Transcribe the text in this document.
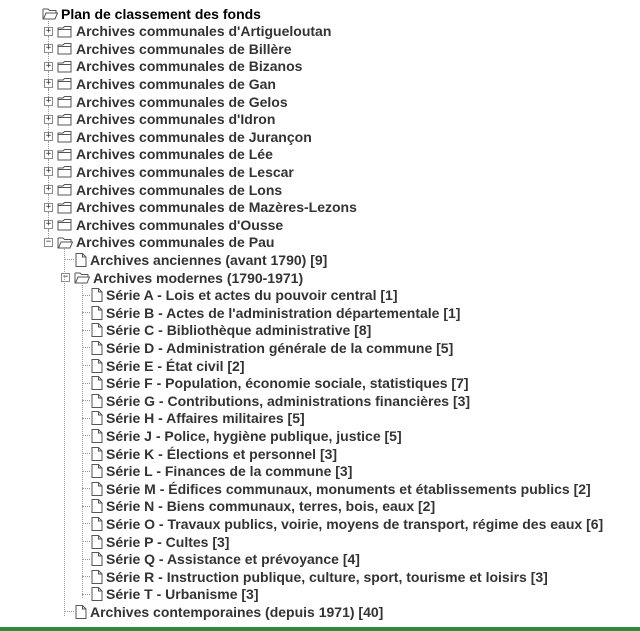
Plan de classement des fonds
+ Archives communales d'Artigueloutan
+ Archives communales de Billère
+ Archives communales de Bizanos
+ Archives communales de Gan
+ Archives communales de Gelos
+ Archives communales d'Idron
+ Archives communales de Jurançon
+ Archives communales de Lée
+ Archives communales de Lescar
+ Archives communales de Lons
+ Archives communales de Mazères-Lezons
+ Archives communales d'Ousse
− Archives communales de Pau
Archives anciennes (avant 1790) [9]
− Archives modernes (1790-1971)
Série A - Lois et actes du pouvoir central [1]
Série B - Actes de l'administration départementale [1]
Série C - Bibliothèque administrative [8]
Série D - Administration générale de la commune [5]
Série E - État civil [2]
Série F - Population, économie sociale, statistiques [7]
Série G - Contributions, administrations financières [3]
Série H - Affaires militaires [5]
Série J - Police, hygiène publique, justice [5]
Série K - Élections et personnel [3]
Série L - Finances de la commune [3]
Série M - Édifices communaux, monuments et établissements publics [2]
Série N - Biens communaux, terres, bois, eaux [2]
Série O - Travaux publics, voirie, moyens de transport, régime des eaux [6]
Série P - Cultes [3]
Série Q - Assistance et prévoyance [4]
Série R - Instruction publique, culture, sport, tourisme et loisirs [3]
Série T - Urbanisme [3]
Archives contemporaines (depuis 1971) [40]
